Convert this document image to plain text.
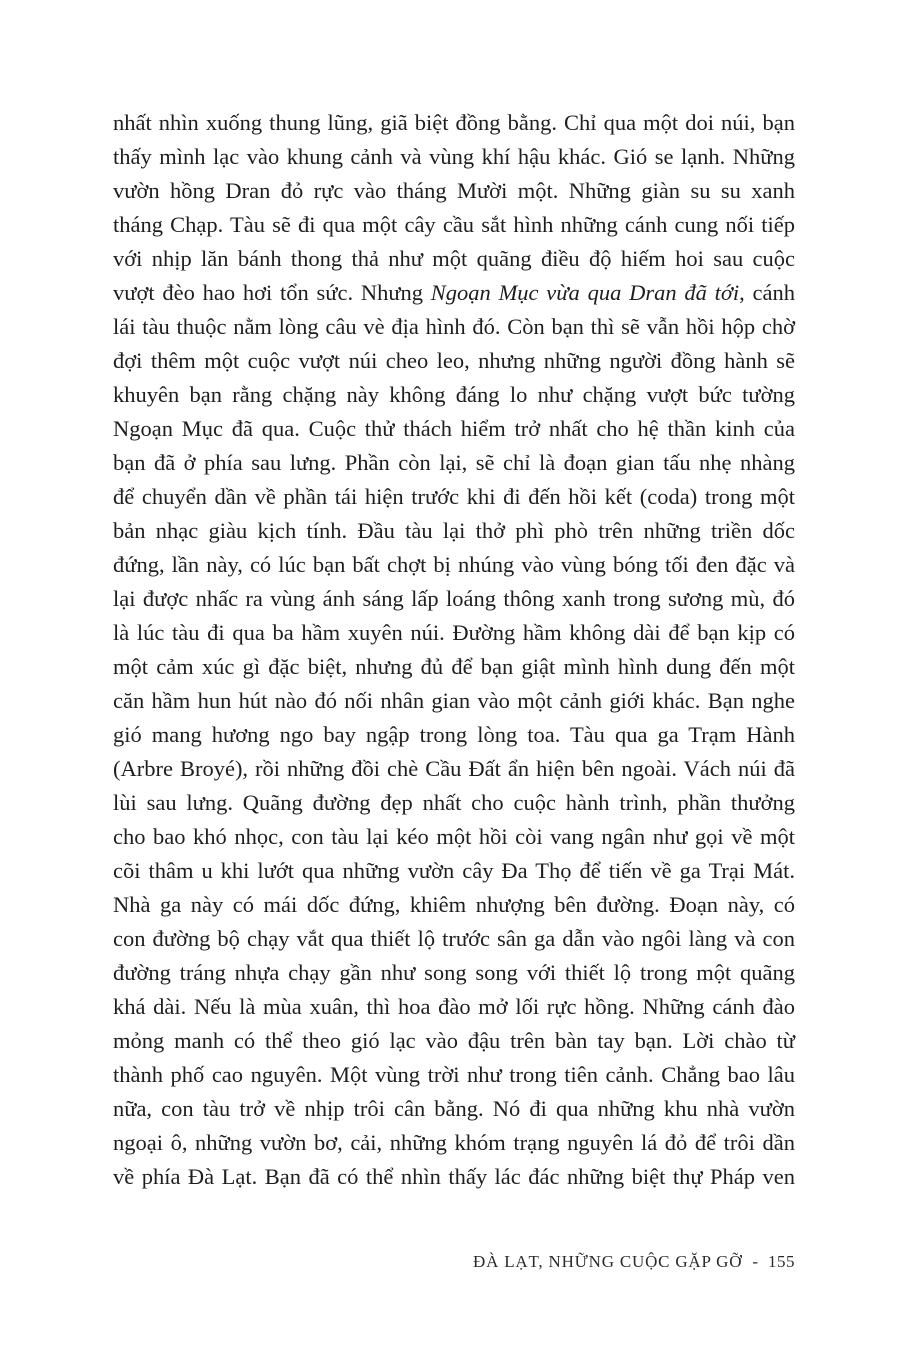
nhất nhìn xuống thung lũng, giã biệt đồng bằng. Chỉ qua một doi núi, bạn
thấy mình lạc vào khung cảnh và vùng khí hậu khác. Gió se lạnh. Những
vườn hồng Dran đỏ rực vào tháng Mười một. Những giàn su su xanh
tháng Chạp. Tàu sẽ đi qua một cây cầu sắt hình những cánh cung nối tiếp
với nhịp lăn bánh thong thả như một quãng điều độ hiếm hoi sau cuộc
vượt đèo hao hơi tổn sức. Nhưng Ngoạn Mục vừa qua Dran đã tới, cánh
lái tàu thuộc nằm lòng câu vè địa hình đó. Còn bạn thì sẽ vẫn hồi hộp chờ
đợi thêm một cuộc vượt núi cheo leo, nhưng những người đồng hành sẽ
khuyên bạn rằng chặng này không đáng lo như chặng vượt bức tường
Ngoạn Mục đã qua. Cuộc thử thách hiểm trở nhất cho hệ thần kinh của
bạn đã ở phía sau lưng. Phần còn lại, sẽ chỉ là đoạn gian tấu nhẹ nhàng
để chuyển dần về phần tái hiện trước khi đi đến hồi kết (coda) trong một
bản nhạc giàu kịch tính. Đầu tàu lại thở phì phò trên những triền dốc
đứng, lần này, có lúc bạn bất chợt bị nhúng vào vùng bóng tối đen đặc và
lại được nhấc ra vùng ánh sáng lấp loáng thông xanh trong sương mù, đó
là lúc tàu đi qua ba hầm xuyên núi. Đường hầm không dài để bạn kịp có
một cảm xúc gì đặc biệt, nhưng đủ để bạn giật mình hình dung đến một
căn hầm hun hút nào đó nối nhân gian vào một cảnh giới khác. Bạn nghe
gió mang hương ngo bay ngập trong lòng toa. Tàu qua ga Trạm Hành
(Arbre Broyé), rồi những đồi chè Cầu Đất ẩn hiện bên ngoài. Vách núi đã
lùi sau lưng. Quãng đường đẹp nhất cho cuộc hành trình, phần thưởng
cho bao khó nhọc, con tàu lại kéo một hồi còi vang ngân như gọi về một
cõi thâm u khi lướt qua những vườn cây Đa Thọ để tiến về ga Trại Mát.
Nhà ga này có mái dốc đứng, khiêm nhượng bên đường. Đoạn này, có
con đường bộ chạy vắt qua thiết lộ trước sân ga dẫn vào ngôi làng và con
đường tráng nhựa chạy gần như song song với thiết lộ trong một quãng
khá dài. Nếu là mùa xuân, thì hoa đào mở lối rực hồng. Những cánh đào
mỏng manh có thể theo gió lạc vào đậu trên bàn tay bạn. Lời chào từ
thành phố cao nguyên. Một vùng trời như trong tiên cảnh. Chẳng bao lâu
nữa, con tàu trở về nhịp trôi cân bằng. Nó đi qua những khu nhà vườn
ngoại ô, những vườn bơ, cải, những khóm trạng nguyên lá đỏ để trôi dần
về phía Đà Lạt. Bạn đã có thể nhìn thấy lác đác những biệt thự Pháp ven
ĐÀ LẠT, NHỮNG CUỘC GẶP GỠ - 155
